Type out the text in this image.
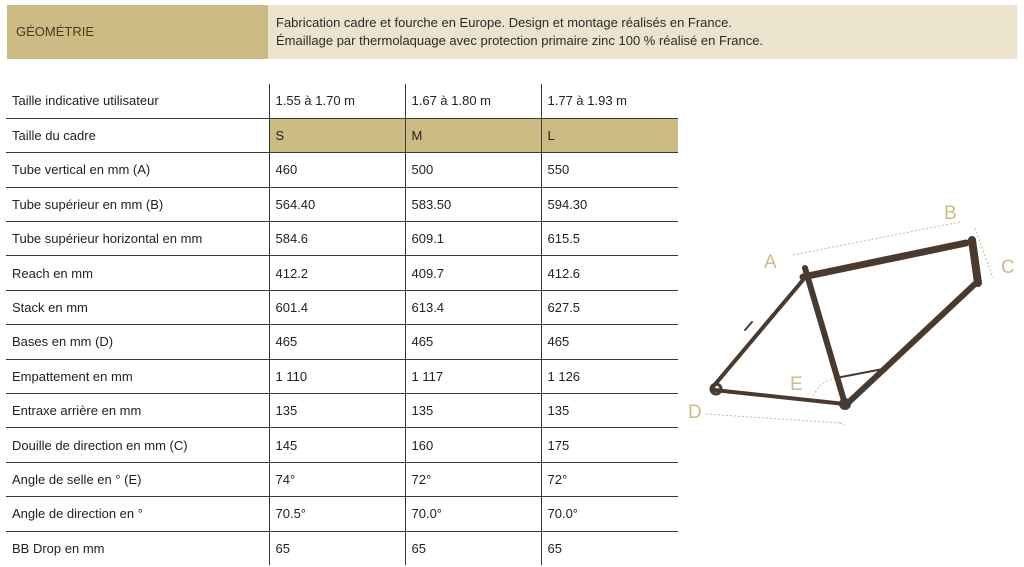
GÉOMÉTRIE
Fabrication cadre et fourche en Europe. Design et montage réalisés en France.
Émaillage par thermolaquage avec protection primaire zinc 100 % réalisé en France.
Taille indicative utilisateur	1.55 à 1.70 m	1.67 à 1.80 m	1.77 à 1.93 m
Taille du cadre	S	M	L
Tube vertical en mm (A)	460	500	550
Tube supérieur en mm (B)	564.40	583.50	594.30
Tube supérieur horizontal en mm	584.6	609.1	615.5
Reach en mm	412.2	409.7	412.6
Stack en mm	601.4	613.4	627.5
Bases en mm (D)	465	465	465
Empattement en mm	1 110	1 117	1 126
Entraxe arrière en mm	135	135	135
Douille de direction en mm (C)	145	160	175
Angle de selle en ° (E)	74°	72°	72°
Angle de direction en °	70.5°	70.0°	70.0°
BB Drop en mm	65	65	65
A
B
C
D
E
